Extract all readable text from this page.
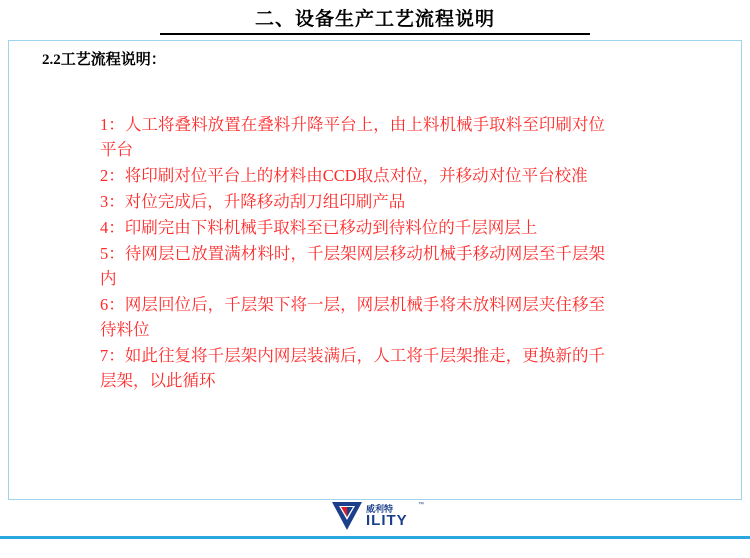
二、设备生产工艺流程说明
2.2工艺流程说明：

1：人工将叠料放置在叠料升降平台上，由上料机械手取料至印刷对位平台

2：将印刷对位平台上的材料由CCD取点对位，并移动对位平台校准

3：对位完成后，升降移动刮刀组印刷产品

4：印刷完由下料机械手取料至已移动到待料位的千层网层上

5：待网层已放置满材料时，千层架网层移动机械手移动网层至千层架内

6：网层回位后，千层架下将一层，网层机械手将未放料网层夹住移至待料位

7：如此往复将千层架内网层装满后，人工将千层架推走，更换新的千层架，以此循环

威利特	™
ILITY
